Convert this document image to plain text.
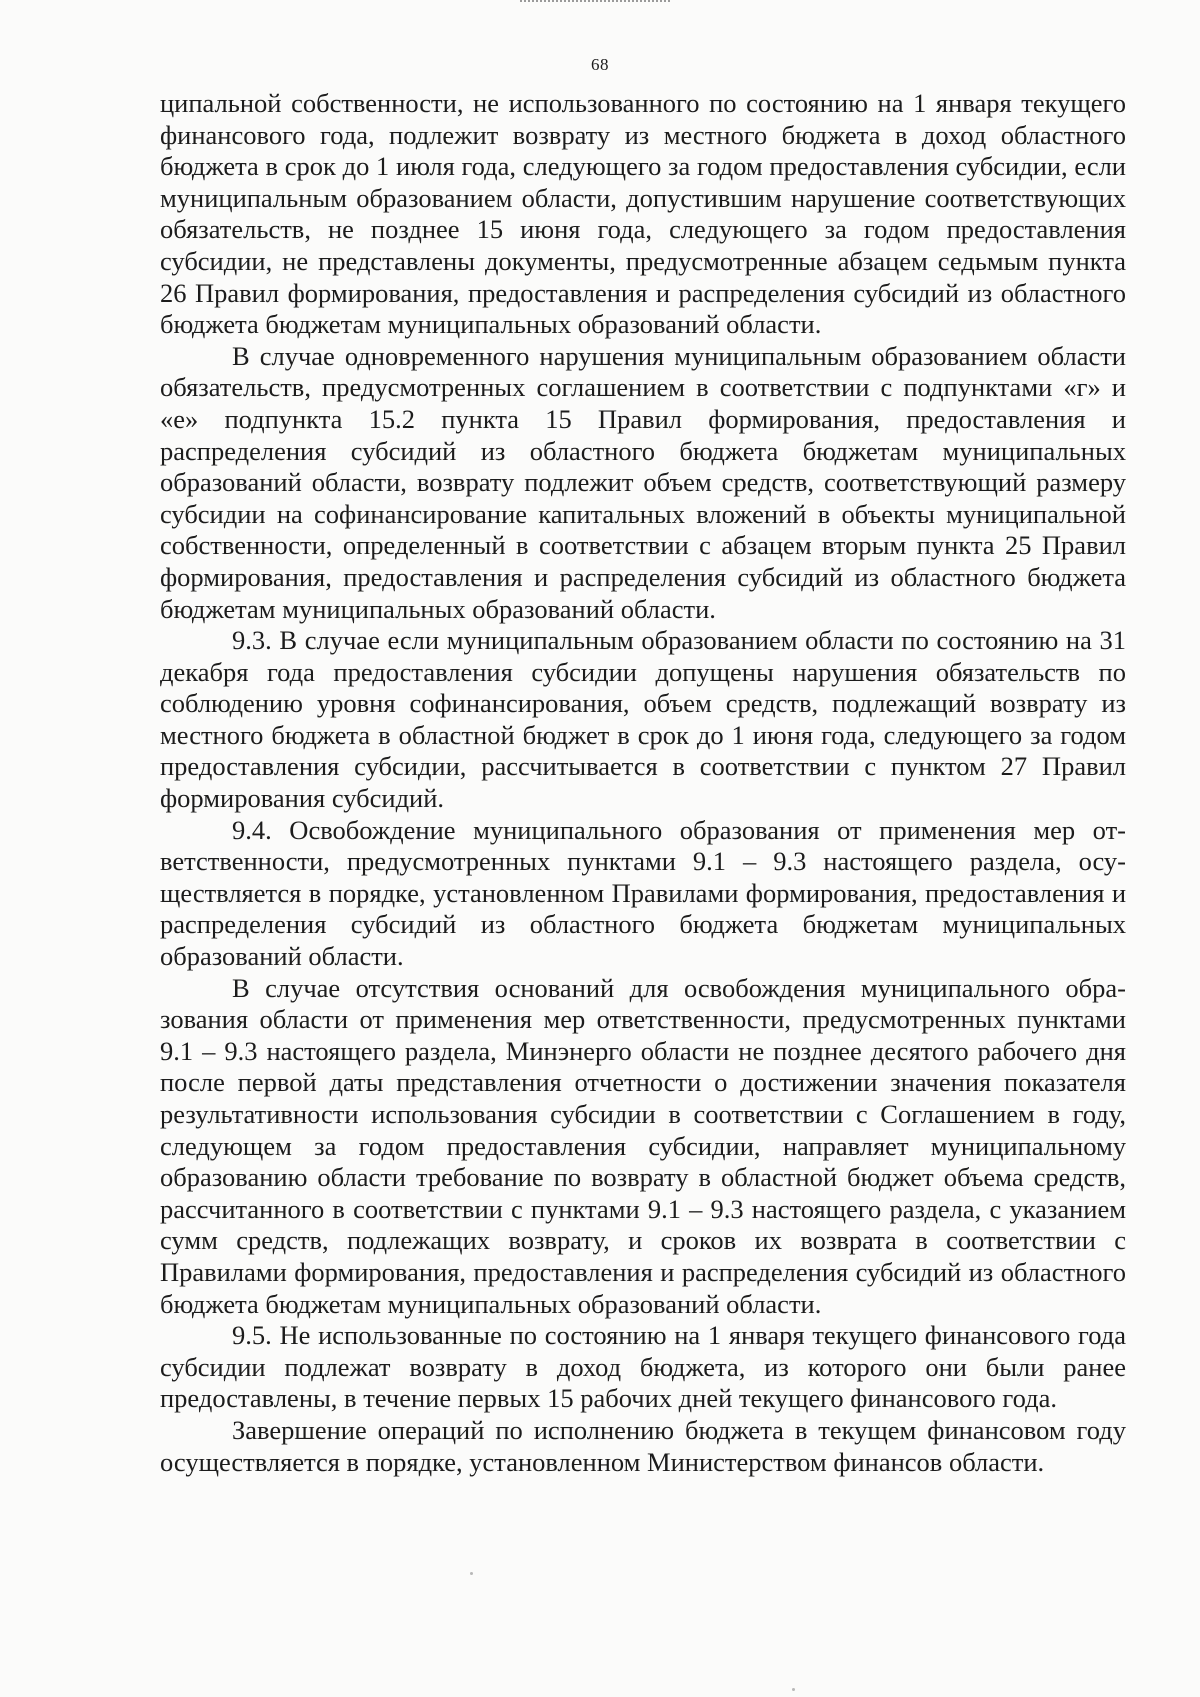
68

ципальной собственности, не использованного по состоянию на 1 января текущего финансового года, подлежит возврату из местного бюджета в доход областного бюджета в срок до 1 июля года, следующего за годом предоставления субсидии, если муниципальным образованием области, допустившим нарушение соответствующих обязательств, не позднее 15 июня года, следующего за годом предоставления субсидии, не представлены документы, предусмотренные абзацем седьмым пункта 26 Правил формирования, предоставления и распределения субсидий из областного бюджета бюджетам муниципальных образований области.

В случае одновременного нарушения муниципальным образованием области обязательств, предусмотренных соглашением в соответствии с подпунктами «г» и «е» подпункта 15.2 пункта 15 Правил формирования, предоставления и распределения субсидий из областного бюджета бюджетам муниципальных образований области, возврату подлежит объем средств, соответствующий размеру субсидии на софинансирование капитальных вложений в объекты муниципальной собственности, определенный в соответствии с абзацем вторым пункта 25 Правил формирования, предоставления и распределения субсидий из областного бюджета бюджетам муниципальных образований области.

9.3. В случае если муниципальным образованием области по состоянию на 31 декабря года предоставления субсидии допущены нарушения обязательств по соблюдению уровня софинансирования, объем средств, подлежащий возврату из местного бюджета в областной бюджет в срок до 1 июня года, следующего за годом предоставления субсидии, рассчитывается в соответствии с пунктом 27 Правил формирования субсидий.

9.4. Освобождение муниципального образования от применения мер ответственности, предусмотренных пунктами 9.1 – 9.3 настоящего раздела, осуществляется в порядке, установленном Правилами формирования, предоставления и распределения субсидий из областного бюджета бюджетам муниципальных образований области.

В случае отсутствия оснований для освобождения муниципального образования области от применения мер ответственности, предусмотренных пунктами 9.1 – 9.3 настоящего раздела, Минэнерго области не позднее десятого рабочего дня после первой даты представления отчетности о достижении значения показателя результативности использования субсидии в соответствии с Соглашением в году, следующем за годом предоставления субсидии, направляет муниципальному образованию области требование по возврату в областной бюджет объема средств, рассчитанного в соответствии с пунктами 9.1 – 9.3 настоящего раздела, с указанием сумм средств, подлежащих возврату, и сроков их возврата в соответствии с Правилами формирования, предоставления и распределения субсидий из областного бюджета бюджетам муниципальных образований области.

9.5. Не использованные по состоянию на 1 января текущего финансового года субсидии подлежат возврату в доход бюджета, из которого они были ранее предоставлены, в течение первых 15 рабочих дней текущего финансового года.

Завершение операций по исполнению бюджета в текущем финансовом году осуществляется в порядке, установленном Министерством финансов области.
